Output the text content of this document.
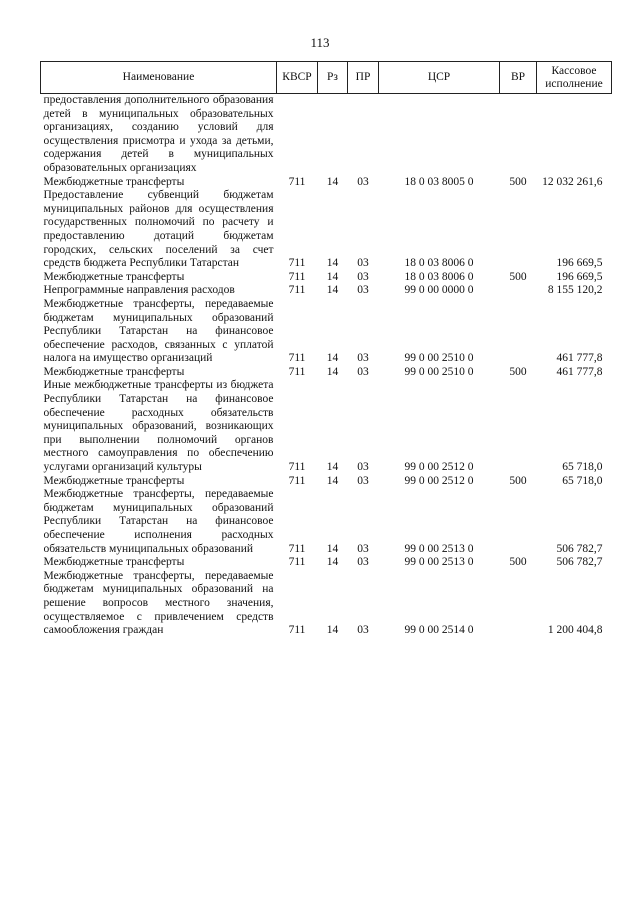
113
Наименование	КВСР	Рз	ПР	ЦСР	ВР	Кассовое исполнение
предоставления дополнительного образования детей в муниципальных образовательных организациях, созданию условий для осуществления присмотра и ухода за детьми, содержания детей в муниципальных образовательных организациях						
Межбюджетные трансферты	711	14	03	18 0 03 8005 0	500	12 032 261,6
Предоставление субвенций бюджетам муниципальных районов для осуществления государственных полномочий по расчету и предоставлению дотаций бюджетам городских, сельских поселений за счет средств бюджета Республики Татарстан	711	14	03	18 0 03 8006 0		196 669,5
Межбюджетные трансферты	711	14	03	18 0 03 8006 0	500	196 669,5
Непрограммные направления расходов	711	14	03	99 0 00 0000 0		8 155 120,2
Межбюджетные трансферты, передаваемые бюджетам муниципальных образований Республики Татарстан на финансовое обеспечение расходов, связанных с уплатой налога на имущество организаций	711	14	03	99 0 00 2510 0		461 777,8
Межбюджетные трансферты	711	14	03	99 0 00 2510 0	500	461 777,8
Иные межбюджетные трансферты из бюджета Республики Татарстан на финансовое обеспечение расходных обязательств муниципальных образований, возникающих при выполнении полномочий органов местного самоуправления по обеспечению услугами организаций культуры	711	14	03	99 0 00 2512 0		65 718,0
Межбюджетные трансферты	711	14	03	99 0 00 2512 0	500	65 718,0
Межбюджетные трансферты, передаваемые бюджетам муниципальных образований Республики Татарстан на финансовое обеспечение исполнения расходных обязательств муниципальных образований	711	14	03	99 0 00 2513 0		506 782,7
Межбюджетные трансферты	711	14	03	99 0 00 2513 0	500	506 782,7
Межбюджетные трансферты, передаваемые бюджетам муниципальных образований на решение вопросов местного значения, осуществляемое с привлечением средств самообложения граждан	711	14	03	99 0 00 2514 0		1 200 404,8
